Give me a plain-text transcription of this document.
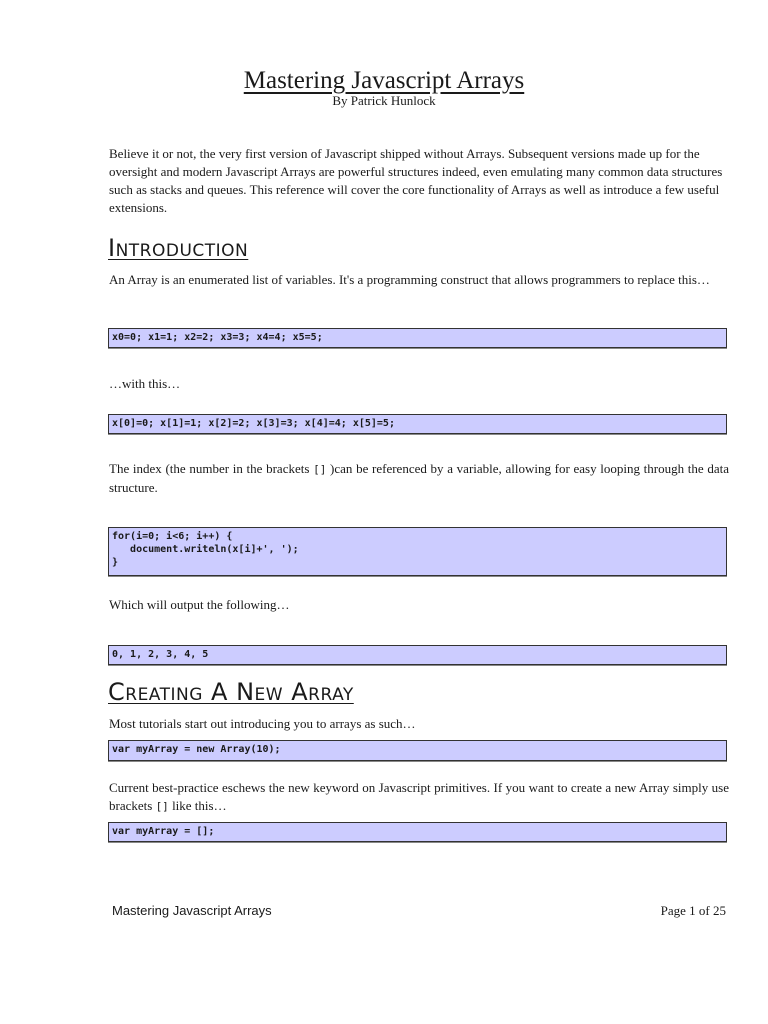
Mastering Javascript Arrays
By Patrick Hunlock

Believe it or not, the very first version of Javascript shipped without Arrays. Subsequent versions made up for the oversight and modern Javascript Arrays are powerful structures indeed, even emulating many common data structures such as stacks and queues. This reference will cover the core functionality of Arrays as well as introduce a few useful extensions.

Introduction

An Array is an enumerated list of variables. It's a programming construct that allows programmers to replace this…

x0=0; x1=1; x2=2; x3=3; x4=4; x5=5;

…with this…

x[0]=0; x[1]=1; x[2]=2; x[3]=3; x[4]=4; x[5]=5;

The index (the number in the brackets [] )can be referenced by a variable, allowing for easy looping through the data structure.

for(i=0; i<6; i++) {
document.writeln(x[i]+', ');
}

Which will output the following…

0, 1, 2, 3, 4, 5
Creating A New Array

Most tutorials start out introducing you to arrays as such…

var myArray = new Array(10);

Current best-practice eschews the new keyword on Javascript primitives. If you want to create a new Array simply use brackets [] like this…

var myArray = [];
Mastering Javascript Arrays	Page 1 of 25
